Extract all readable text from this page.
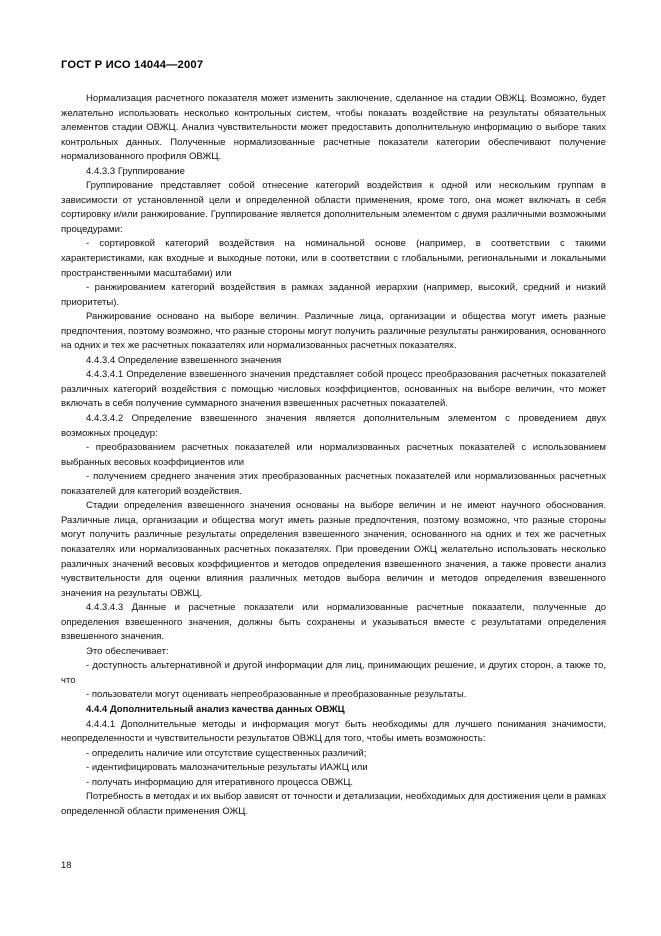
ГОСТ Р ИСО 14044—2007

Нормализация расчетного показателя может изменить заключение, сделанное на стадии ОВЖЦ. Возможно, будет желательно использовать несколько контрольных систем, чтобы показать воздействие на результаты обязательных элементов стадии ОВЖЦ. Анализ чувствительности может предоставить дополнительную информацию о выборе таких контрольных данных. Полученные нормализованные расчетные показатели категории обеспечивают получение нормализованного профиля ОВЖЦ.

4.4.3.3 Группирование

Группирование представляет собой отнесение категорий воздействия к одной или нескольким группам в зависимости от установленной цели и определенной области применения, кроме того, она может включать в себя сортировку и/или ранжирование. Группирование является дополнительным элементом с двумя различными возможными процедурами:

- сортировкой категорий воздействия на номинальной основе (например, в соответствии с такими характеристиками, как входные и выходные потоки, или в соответствии с глобальными, региональными и локальными пространственными масштабами) или

- ранжированием категорий воздействия в рамках заданной иерархии (например, высокий, средний и низкий приоритеты).

Ранжирование основано на выборе величин. Различные лица, организации и общества могут иметь разные предпочтения, поэтому возможно, что разные стороны могут получить различные результаты ранжирования, основанного на одних и тех же расчетных показателях или нормализованных расчетных показателях.

4.4.3.4 Определение взвешенного значения

4.4.3.4.1 Определение взвешенного значения представляет собой процесс преобразования расчетных показателей различных категорий воздействия с помощью числовых коэффициентов, основанных на выборе величин, что может включать в себя получение суммарного значения взвешенных расчетных показателей.

4.4.3.4.2 Определение взвешенного значения является дополнительным элементом с проведением двух возможных процедур:

- преобразованием расчетных показателей или нормализованных расчетных показателей с использованием выбранных весовых коэффициентов или

- получением среднего значения этих преобразованных расчетных показателей или нормализованных расчетных показателей для категорий воздействия.

Стадии определения взвешенного значения основаны на выборе величин и не имеют научного обоснования. Различные лица, организации и общества могут иметь разные предпочтения, поэтому возможно, что разные стороны могут получить различные результаты определения взвешенного значения, основанного на одних и тех же расчетных показателях или нормализованных расчетных показателях. При проведении ОЖЦ желательно использовать несколько различных значений весовых коэффициентов и методов определения взвешенного значения, а также провести анализ чувствительности для оценки влияния различных методов выбора величин и методов определения взвешенного значения на результаты ОВЖЦ.

4.4.3.4.3 Данные и расчетные показатели или нормализованные расчетные показатели, полученные до определения взвешенного значения, должны быть сохранены и указываться вместе с результатами определения взвешенного значения.

Это обеспечивает:

- доступность альтернативной и другой информации для лиц, принимающих решение, и других сторон, а также то, что

- пользователи могут оценивать непреобразованные и преобразованные результаты.

4.4.4 Дополнительный анализ качества данных ОВЖЦ

4.4.4.1 Дополнительные методы и информация могут быть необходимы для лучшего понимания значимости, неопределенности и чувствительности результатов ОВЖЦ для того, чтобы иметь возможность:

- определить наличие или отсутствие существенных различий;

- идентифицировать малозначительные результаты ИАЖЦ или

- получать информацию для итеративного процесса ОВЖЦ.

Потребность в методах и их выбор зависят от точности и детализации, необходимых для достижения цели в рамках определенной области применения ОЖЦ.

18
